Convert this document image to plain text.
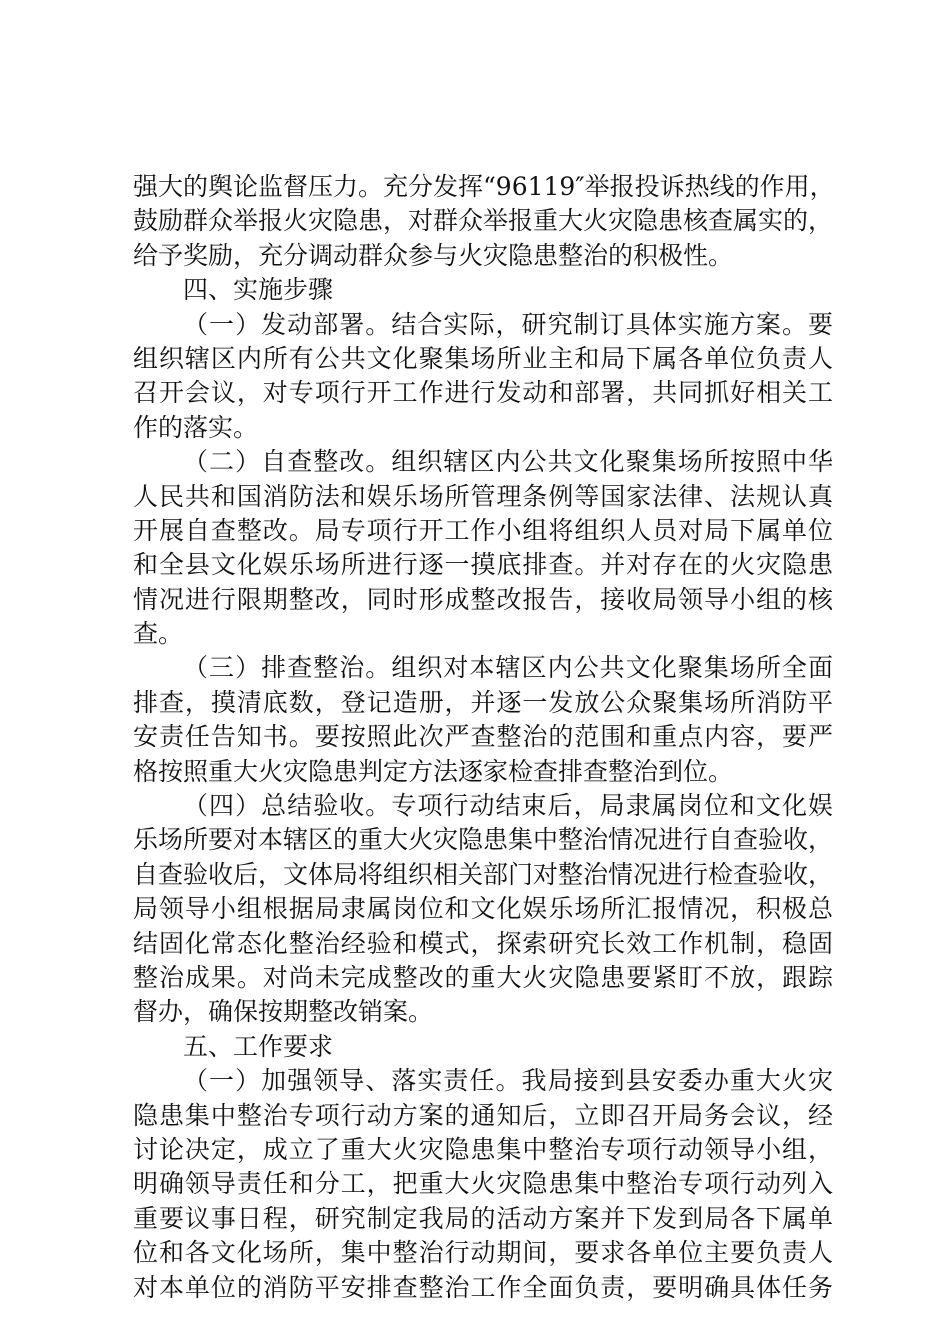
强大的舆论监督压力。充分发挥“96119″举报投诉热线的作用，
鼓励群众举报火灾隐患，对群众举报重大火灾隐患核查属实的，
给予奖励，充分调动群众参与火灾隐患整治的积极性。
四、实施步骤
（一）发动部署。结合实际，研究制订具体实施方案。要
组织辖区内所有公共文化聚集场所业主和局下属各单位负责人
召开会议，对专项行开工作进行发动和部署，共同抓好相关工
作的落实。
（二）自查整改。组织辖区内公共文化聚集场所按照中华
人民共和国消防法和娱乐场所管理条例等国家法律、法规认真
开展自查整改。局专项行开工作小组将组织人员对局下属单位
和全县文化娱乐场所进行逐一摸底排查。并对存在的火灾隐患
情况进行限期整改，同时形成整改报告，接收局领导小组的核
查。
（三）排查整治。组织对本辖区内公共文化聚集场所全面
排查，摸清底数，登记造册，并逐一发放公众聚集场所消防平
安责任告知书。要按照此次严查整治的范围和重点内容，要严
格按照重大火灾隐患判定方法逐家检查排查整治到位。
（四）总结验收。专项行动结束后，局隶属岗位和文化娱
乐场所要对本辖区的重大火灾隐患集中整治情况进行自查验收，
自查验收后，文体局将组织相关部门对整治情况进行检查验收，
局领导小组根据局隶属岗位和文化娱乐场所汇报情况，积极总
结固化常态化整治经验和模式，探索研究长效工作机制，稳固
整治成果。对尚未完成整改的重大火灾隐患要紧盯不放，跟踪
督办，确保按期整改销案。
五、工作要求
（一）加强领导、落实责任。我局接到县安委办重大火灾
隐患集中整治专项行动方案的通知后，立即召开局务会议，经
讨论决定，成立了重大火灾隐患集中整治专项行动领导小组，
明确领导责任和分工，把重大火灾隐患集中整治专项行动列入
重要议事日程，研究制定我局的活动方案并下发到局各下属单
位和各文化场所，集中整治行动期间，要求各单位主要负责人
对本单位的消防平安排查整治工作全面负责，要明确具体任务
